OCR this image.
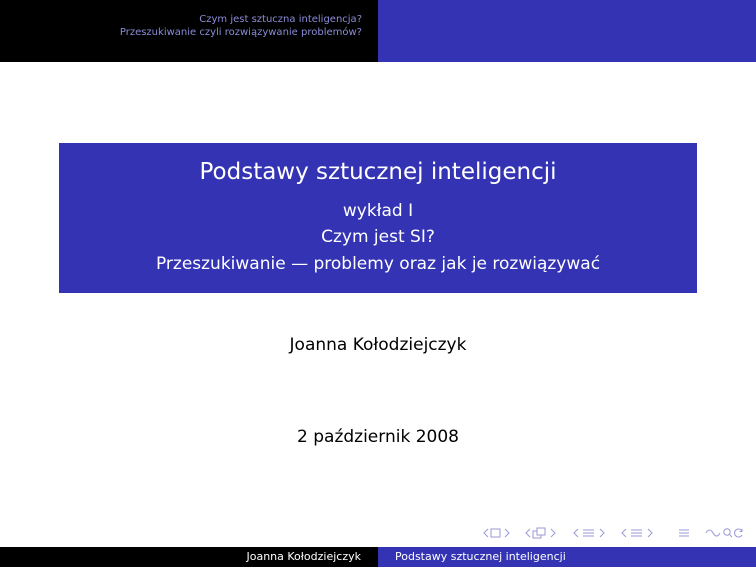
Czym jest sztuczna inteligencja?
Przeszukiwanie czyli rozwiązywanie problemów?
Podstawy sztucznej inteligencji
wykład I
Czym jest SI?
Przeszukiwanie — problemy oraz jak je rozwiązywać
Joanna Kołodziejczyk
2 październik 2008
Joanna Kołodziejczyk	Podstawy sztucznej inteligencji
